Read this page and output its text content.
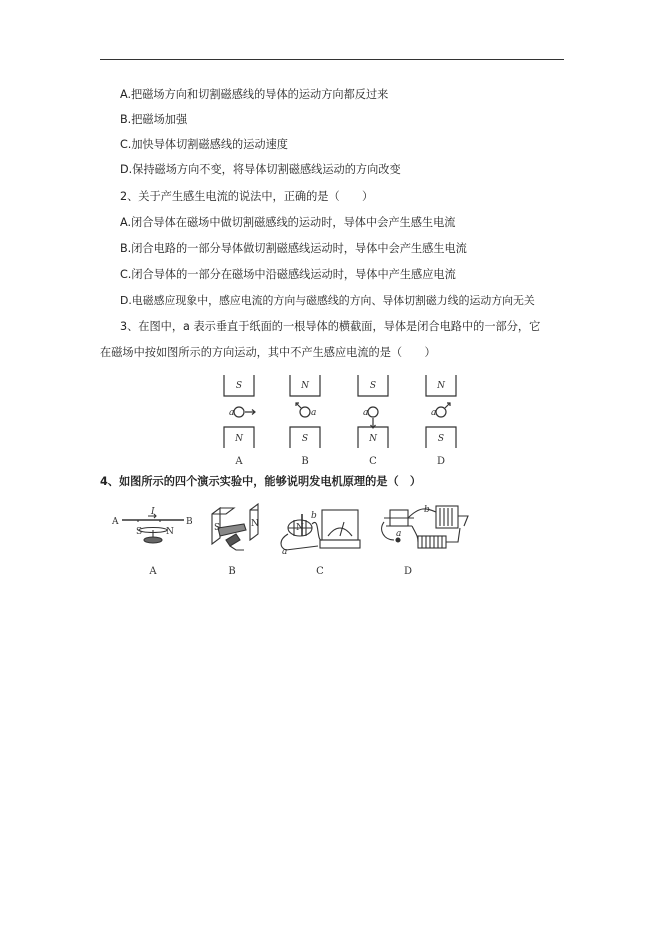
A.把磁场方向和切割磁感线的导体的运动方向都反过来
B.把磁场加强
C.加快导体切割磁感线的运动速度
D.保持磁场方向不变，将导体切割磁感线运动的方向改变
2、关于产生感生电流的说法中，正确的是（　　）
A.闭合导体在磁场中做切割磁感线的运动时，导体中会产生感生电流
B.闭合电路的一部分导体做切割磁感线运动时，导体中会产生感生电流
C.闭合导体的一部分在磁场中沿磁感线运动时，导体中产生感应电流
D.电磁感应现象中，感应电流的方向与磁感线的方向、导体切割磁力线的运动方向无关
3、在图中，a 表示垂直于纸面的一根导体的横截面，导体是闭合电路中的一部分，它
在磁场中按如图所示的方向运动，其中不产生感应电流的是（　　）
S
N
N
S
S
N
N
S
a	a	a	a
A	B	C	D
4、如图所示的四个演示实验中，能够说明发电机原理的是（　）
A	B
I
S	N	S	N
a
b
N
a
b
A	B	C	D
